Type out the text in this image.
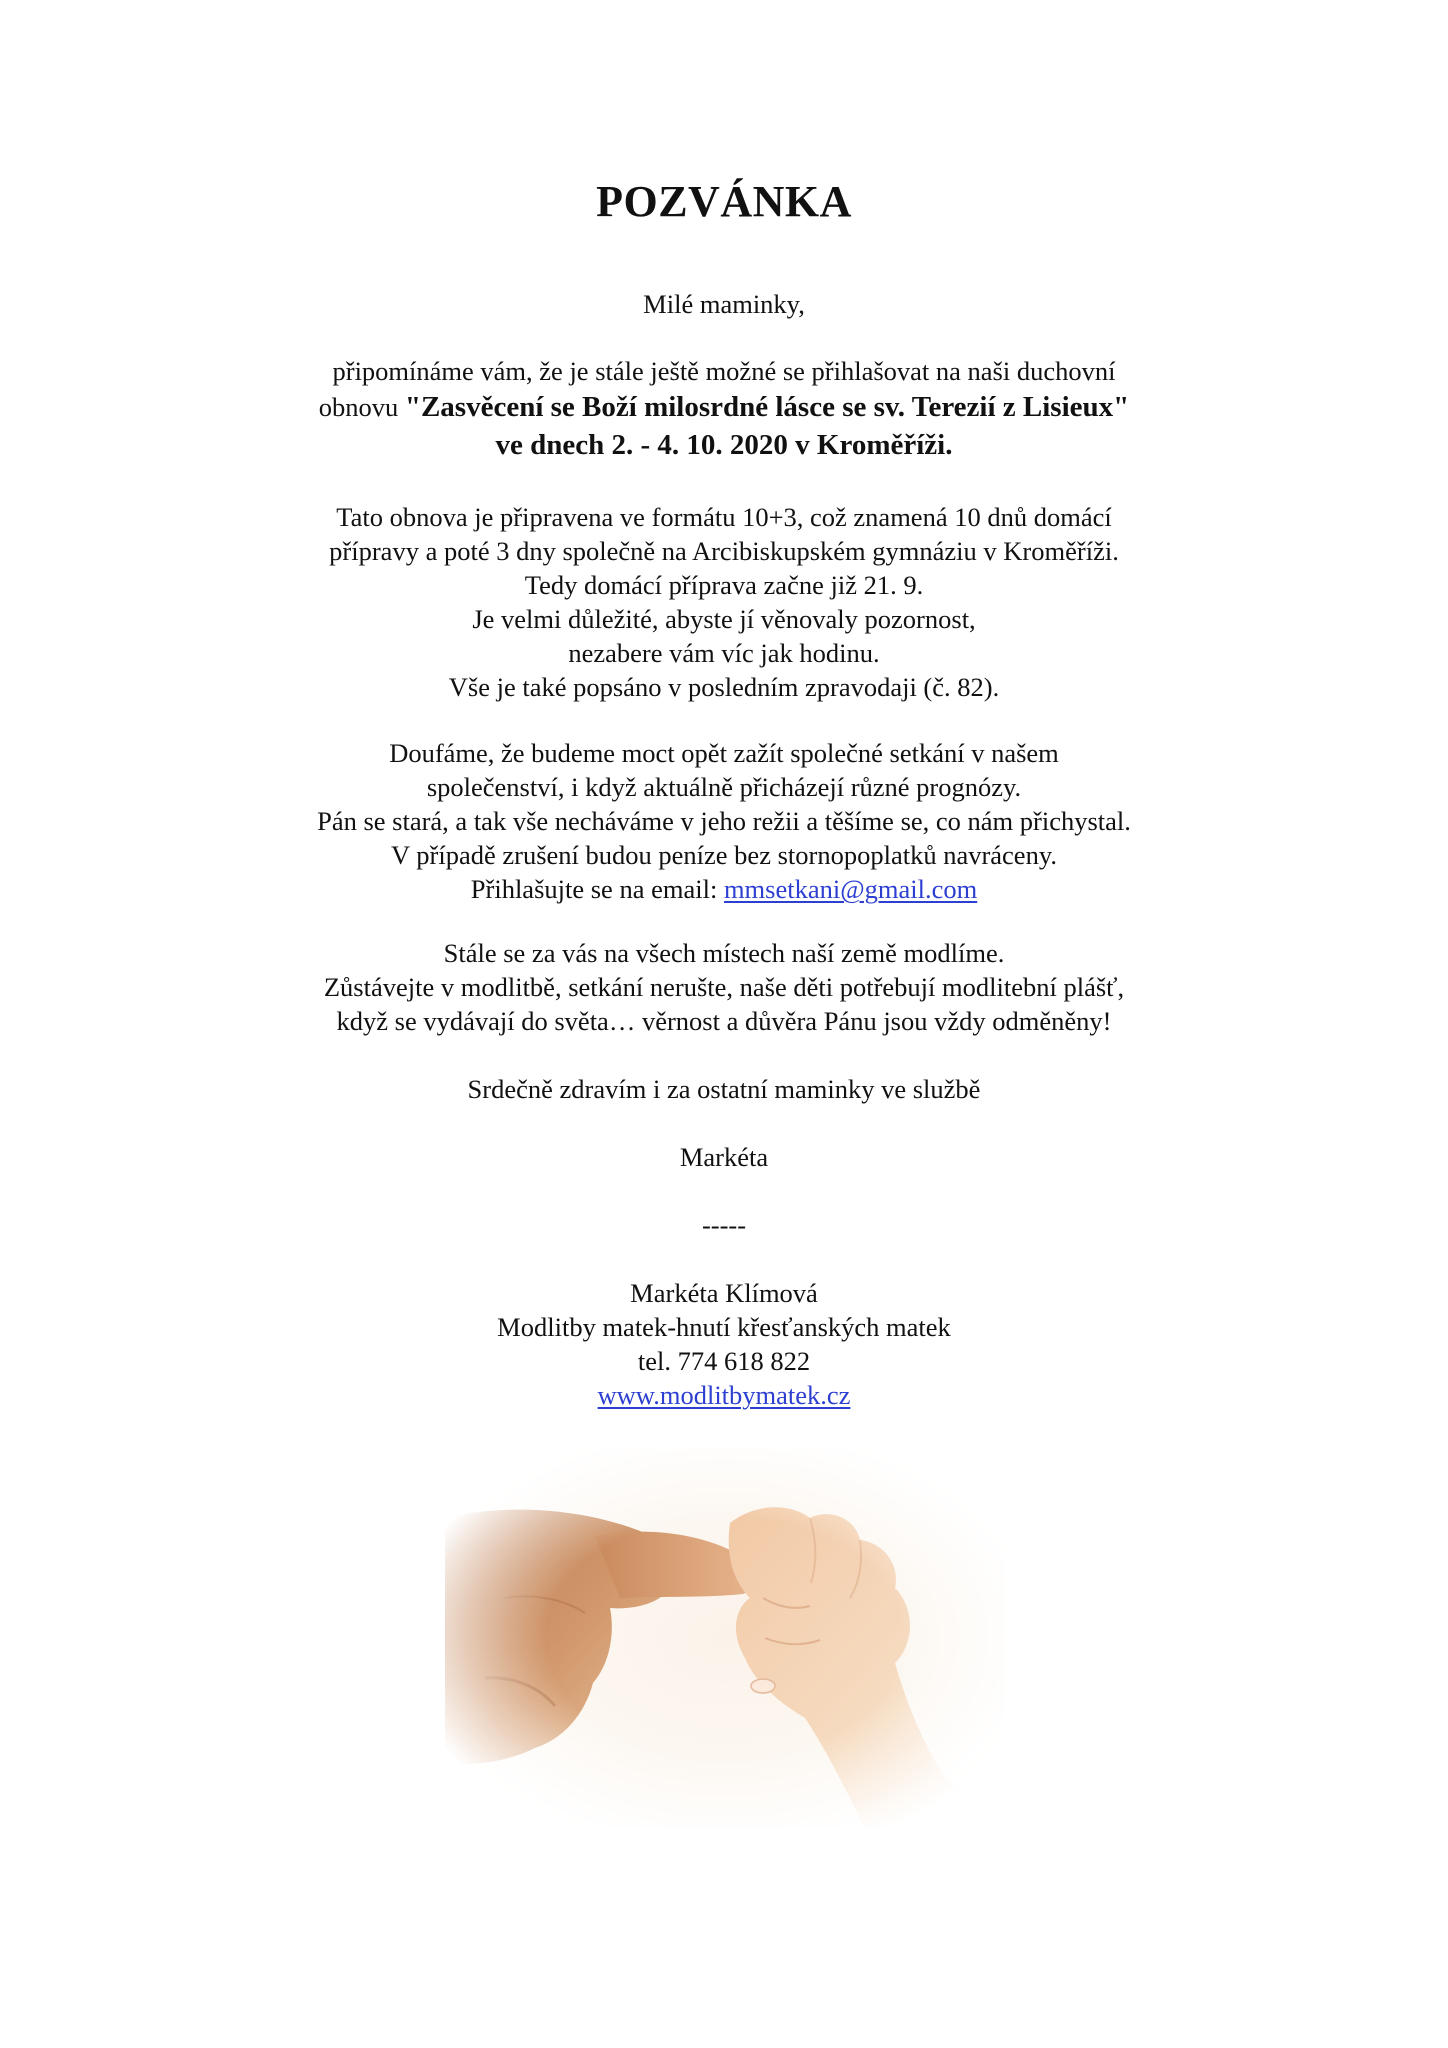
POZVÁNKA
Milé maminky,
připomínáme vám, že je stále ještě možné se přihlašovat na naši duchovní
obnovu "Zasvěcení se Boží milosrdné lásce se sv. Terezií z Lisieux"
ve dnech 2. - 4. 10. 2020 v Kroměříži.
Tato obnova je připravena ve formátu 10+3, což znamená 10 dnů domácí
přípravy a poté 3 dny společně na Arcibiskupském gymnáziu v Kroměříži.
Tedy domácí příprava začne již 21. 9.
Je velmi důležité, abyste jí věnovaly pozornost,
nezabere vám víc jak hodinu.
Vše je také popsáno v posledním zpravodaji (č. 82).
Doufáme, že budeme moct opět zažít společné setkání v našem
společenství, i když aktuálně přicházejí různé prognózy.
Pán se stará, a tak vše necháváme v jeho režii a těšíme se, co nám přichystal.
V případě zrušení budou peníze bez stornopoplatků navráceny.
Přihlašujte se na email: mmsetkani@gmail.com
Stále se za vás na všech místech naší země modlíme.
Zůstávejte v modlitbě, setkání nerušte, naše děti potřebují modlitební plášť,
když se vydávají do světa… věrnost a důvěra Pánu jsou vždy odměněny!
Srdečně zdravím i za ostatní maminky ve službě
Markéta
-----
Markéta Klímová
Modlitby matek-hnutí křesťanských matek
tel. 774 618 822
www.modlitbymatek.cz
